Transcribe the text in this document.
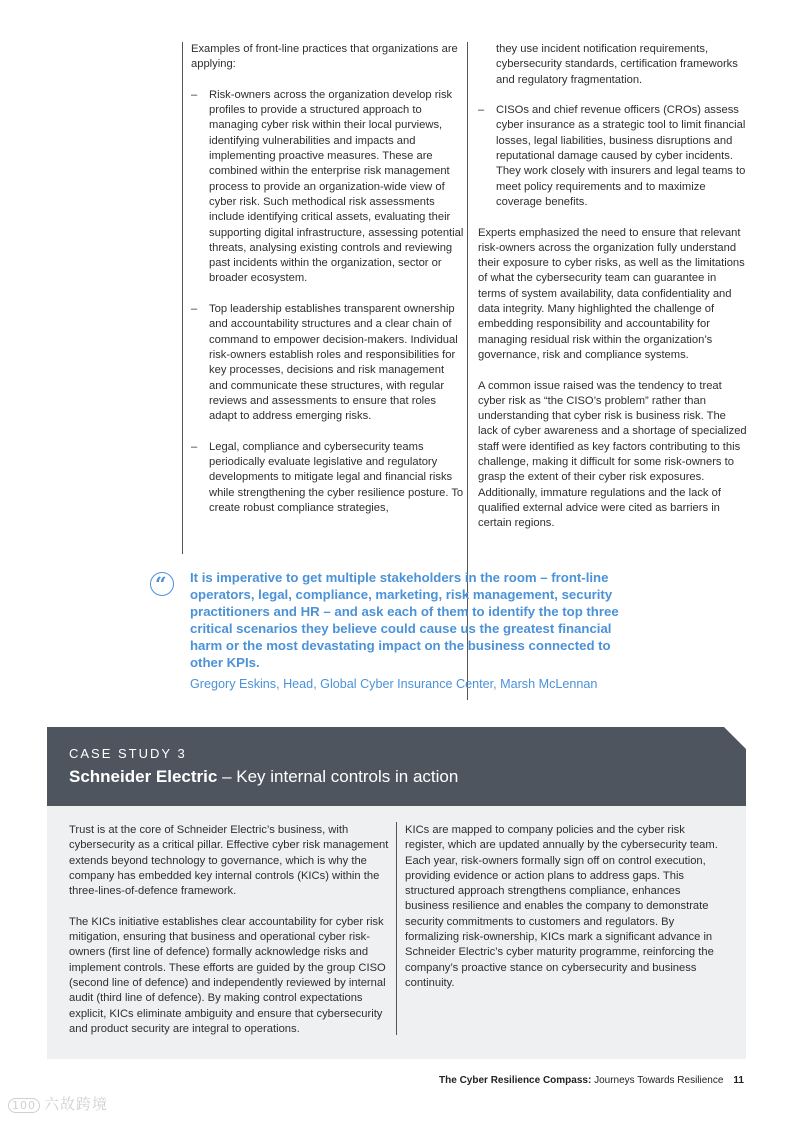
Examples of front-line practices that organizations are applying:

– Risk-owners across the organization develop risk profiles to provide a structured approach to managing cyber risk within their local purviews, identifying vulnerabilities and impacts and implementing proactive measures. These are combined within the enterprise risk management process to provide an organization-wide view of cyber risk. Such methodical risk assessments include identifying critical assets, evaluating their supporting digital infrastructure, assessing potential threats, analysing existing controls and reviewing past incidents within the organization, sector or broader ecosystem.

– Top leadership establishes transparent ownership and accountability structures and a clear chain of command to empower decision-makers. Individual risk-owners establish roles and responsibilities for key processes, decisions and risk management and communicate these structures, with regular reviews and assessments to ensure that roles adapt to address emerging risks.

– Legal, compliance and cybersecurity teams periodically evaluate legislative and regulatory developments to mitigate legal and financial risks while strengthening the cyber resilience posture. To create robust compliance strategies,

they use incident notification requirements, cybersecurity standards, certification frameworks and regulatory fragmentation.

– CISOs and chief revenue officers (CROs) assess cyber insurance as a strategic tool to limit financial losses, legal liabilities, business disruptions and reputational damage caused by cyber incidents. They work closely with insurers and legal teams to meet policy requirements and to maximize coverage benefits.

Experts emphasized the need to ensure that relevant risk-owners across the organization fully understand their exposure to cyber risks, as well as the limitations of what the cybersecurity team can guarantee in terms of system availability, data confidentiality and data integrity. Many highlighted the challenge of embedding responsibility and accountability for managing residual risk within the organization’s governance, risk and compliance systems.

A common issue raised was the tendency to treat cyber risk as “the CISO’s problem” rather than understanding that cyber risk is business risk. The lack of cyber awareness and a shortage of specialized staff were identified as key factors contributing to this challenge, making it difficult for some risk-owners to grasp the extent of their cyber risk exposures. Additionally, immature regulations and the lack of qualified external advice were cited as barriers in certain regions.

“ It is imperative to get multiple stakeholders in the room – front-line operators, legal, compliance, marketing, risk management, security practitioners and HR – and ask each of them to identify the top three critical scenarios they believe could cause us the greatest financial harm or the most devastating impact on the business connected to other KPIs.

Gregory Eskins, Head, Global Cyber Insurance Center, Marsh McLennan

CASE STUDY 3
Schneider Electric – Key internal controls in action

Trust is at the core of Schneider Electric’s business, with cybersecurity as a critical pillar. Effective cyber risk management extends beyond technology to governance, which is why the company has embedded key internal controls (KICs) within the three-lines-of-defence framework.

The KICs initiative establishes clear accountability for cyber risk mitigation, ensuring that business and operational cyber risk-owners (first line of defence) formally acknowledge risks and implement controls. These efforts are guided by the group CISO (second line of defence) and independently reviewed by internal audit (third line of defence). By making control expectations explicit, KICs eliminate ambiguity and ensure that cybersecurity and product security are integral to operations.

KICs are mapped to company policies and the cyber risk register, which are updated annually by the cybersecurity team. Each year, risk-owners formally sign off on control execution, providing evidence or action plans to address gaps. This structured approach strengthens compliance, enhances business resilience and enables the company to demonstrate security commitments to customers and regulators. By formalizing risk-ownership, KICs mark a significant advance in Schneider Electric’s cyber maturity programme, reinforcing the company’s proactive stance on cybersecurity and business continuity.

The Cyber Resilience Compass: Journeys Towards Resilience 11
100 六故跨境
